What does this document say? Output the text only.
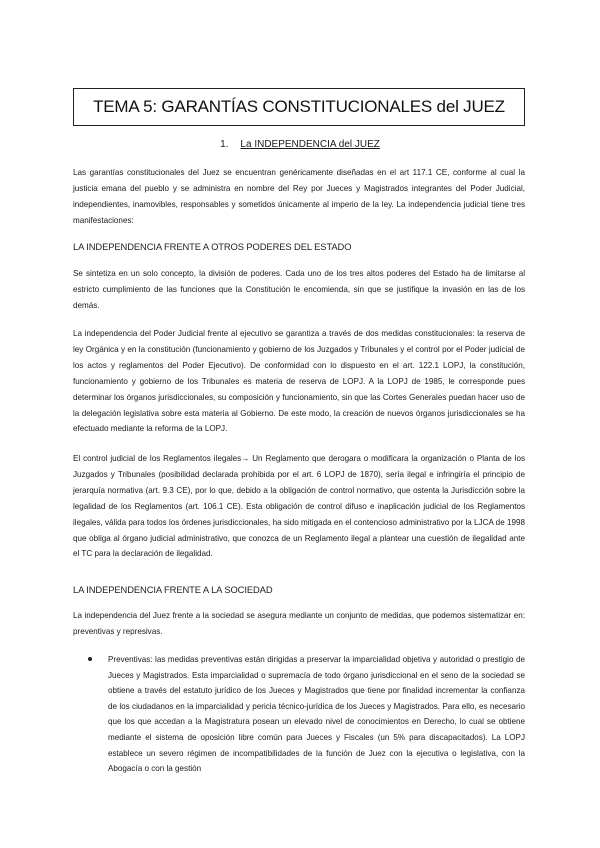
TEMA 5: GARANTÍAS CONSTITUCIONALES del JUEZ
1. La INDEPENDENCIA del JUEZ

Las garantías constitucionales del Juez se encuentran genéricamente diseñadas en el art 117.1 CE, conforme al cual la justicia emana del pueblo y se administra en nombre del Rey por Jueces y Magistrados integrantes del Poder Judicial, independientes, inamovibles, responsables y sometidos únicamente al imperio de la ley. La independencia judicial tiene tres manifestaciones:

LA INDEPENDENCIA FRENTE A OTROS PODERES DEL ESTADO

Se sintetiza en un solo concepto, la división de poderes. Cada uno de los tres altos poderes del Estado ha de limitarse al estricto cumplimiento de las funciones que la Constitución le encomienda, sin que se justifique la invasión en las de los demás.

La independencia del Poder Judicial frente al ejecutivo se garantiza a través de dos medidas constitucionales: la reserva de ley Orgánica y en la constitución (funcionamiento y gobierno de los Juzgados y Tribunales y el control por el Poder judicial de los actos y reglamentos del Poder Ejecutivo). De conformidad con lo dispuesto en el art. 122.1 LOPJ, la constitución, funcionamiento y gobierno de los Tribunales es materia de reserva de LOPJ. A la LOPJ de 1985, le corresponde pues determinar los órganos jurisdiccionales, su composición y funcionamiento, sin que las Cortes Generales puedan hacer uso de la delegación legislativa sobre esta materia al Gobierno. De este modo, la creación de nuevos órganos jurisdiccionales se ha efectuado mediante la reforma de la LOPJ.

El control judicial de los Reglamentos ilegales→ Un Reglamento que derogara o modificara la organización o Planta de los Juzgados y Tribunales (posibilidad declarada prohibida por el art. 6 LOPJ de 1870), sería ilegal e infringiría el principio de jerarquía normativa (art. 9.3 CE), por lo que, debido a la obligación de control normativo, que ostenta la Jurisdicción sobre la legalidad de los Reglamentos (art. 106.1 CE). Esta obligación de control difuso e inaplicación judicial de los Reglamentos ilegales, válida para todos los órdenes jurisdiccionales, ha sido mitigada en el contencioso administrativo por la LJCA de 1998 que obliga al órgano judicial administrativo, que conozca de un Reglamento ilegal a plantear una cuestión de ilegalidad ante el TC para la declaración de ilegalidad.

LA INDEPENDENCIA FRENTE A LA SOCIEDAD

La independencia del Juez frente a la sociedad se asegura mediante un conjunto de medidas, que podemos sistematizar en: preventivas y represivas.

Preventivas: las medidas preventivas están dirigidas a preservar la imparcialidad objetiva y autoridad o prestigio de Jueces y Magistrados. Esta imparcialidad o supremacía de todo órgano jurisdiccional en el seno de la sociedad se obtiene a través del estatuto jurídico de los Jueces y Magistrados que tiene por finalidad incrementar la confianza de los ciudadanos en la imparcialidad y pericia técnico-jurídica de los Jueces y Magistrados. Para ello, es necesario que los que accedan a la Magistratura posean un elevado nivel de conocimientos en Derecho, lo cual se obtiene mediante el sistema de oposición libre común para Jueces y Fiscales (un 5% para discapacitados). La LOPJ establece un severo régimen de incompatibilidades de la función de Juez con la ejecutiva o legislativa, con la Abogacía o con la gestión
